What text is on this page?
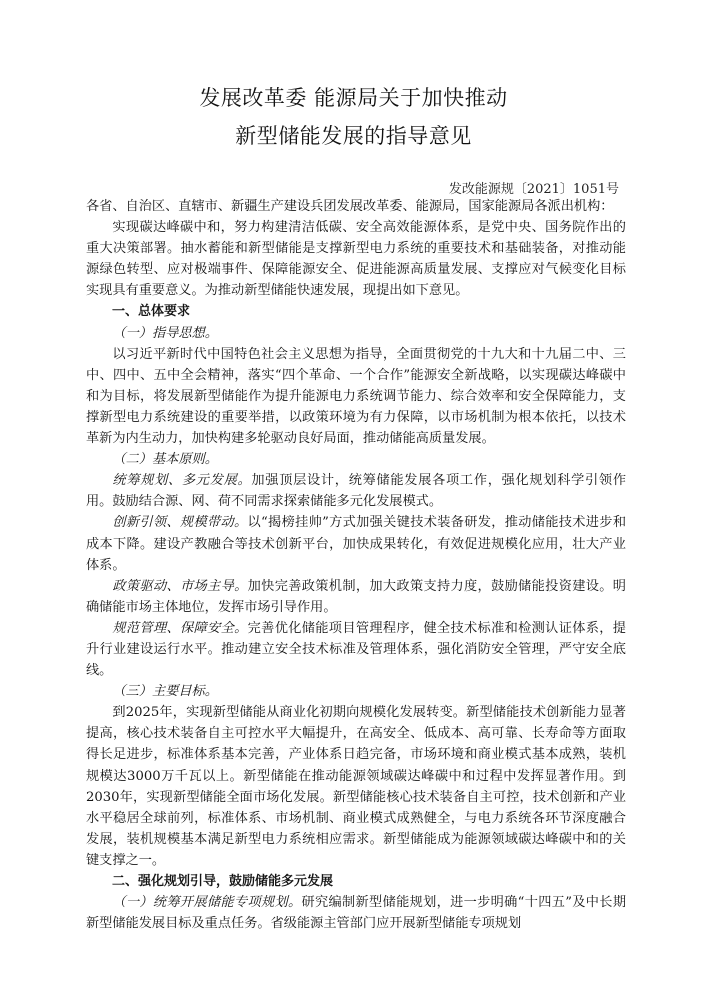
发展改革委 能源局关于加快推动
新型储能发展的指导意见
发改能源规〔2021〕1051号

各省、自治区、直辖市、新疆生产建设兵团发展改革委、能源局，国家能源局各派出机构：

实现碳达峰碳中和，努力构建清洁低碳、安全高效能源体系，是党中央、国务院作出的重大决策部署。抽水蓄能和新型储能是支撑新型电力系统的重要技术和基础装备，对推动能源绿色转型、应对极端事件、保障能源安全、促进能源高质量发展、支撑应对气候变化目标实现具有重要意义。为推动新型储能快速发展，现提出如下意见。

一、总体要求

（一）指导思想。

以习近平新时代中国特色社会主义思想为指导，全面贯彻党的十九大和十九届二中、三中、四中、五中全会精神，落实“四个革命、一个合作”能源安全新战略，以实现碳达峰碳中和为目标，将发展新型储能作为提升能源电力系统调节能力、综合效率和安全保障能力，支撑新型电力系统建设的重要举措，以政策环境为有力保障，以市场机制为根本依托，以技术革新为内生动力，加快构建多轮驱动良好局面，推动储能高质量发展。

（二）基本原则。

统筹规划、多元发展。加强顶层设计，统筹储能发展各项工作，强化规划科学引领作用。鼓励结合源、网、荷不同需求探索储能多元化发展模式。

创新引领、规模带动。以“揭榜挂帅”方式加强关键技术装备研发，推动储能技术进步和成本下降。建设产教融合等技术创新平台，加快成果转化，有效促进规模化应用，壮大产业体系。

政策驱动、市场主导。加快完善政策机制，加大政策支持力度，鼓励储能投资建设。明确储能市场主体地位，发挥市场引导作用。

规范管理、保障安全。完善优化储能项目管理程序，健全技术标准和检测认证体系，提升行业建设运行水平。推动建立安全技术标准及管理体系，强化消防安全管理，严守安全底线。

（三）主要目标。

到2025年，实现新型储能从商业化初期向规模化发展转变。新型储能技术创新能力显著提高，核心技术装备自主可控水平大幅提升，在高安全、低成本、高可靠、长寿命等方面取得长足进步，标准体系基本完善，产业体系日趋完备，市场环境和商业模式基本成熟，装机规模达3000万千瓦以上。新型储能在推动能源领域碳达峰碳中和过程中发挥显著作用。到2030年，实现新型储能全面市场化发展。新型储能核心技术装备自主可控，技术创新和产业水平稳居全球前列，标准体系、市场机制、商业模式成熟健全，与电力系统各环节深度融合发展，装机规模基本满足新型电力系统相应需求。新型储能成为能源领域碳达峰碳中和的关键支撑之一。

二、强化规划引导，鼓励储能多元发展

（一）统筹开展储能专项规划。研究编制新型储能规划，进一步明确“十四五”及中长期新型储能发展目标及重点任务。省级能源主管部门应开展新型储能专项规划
